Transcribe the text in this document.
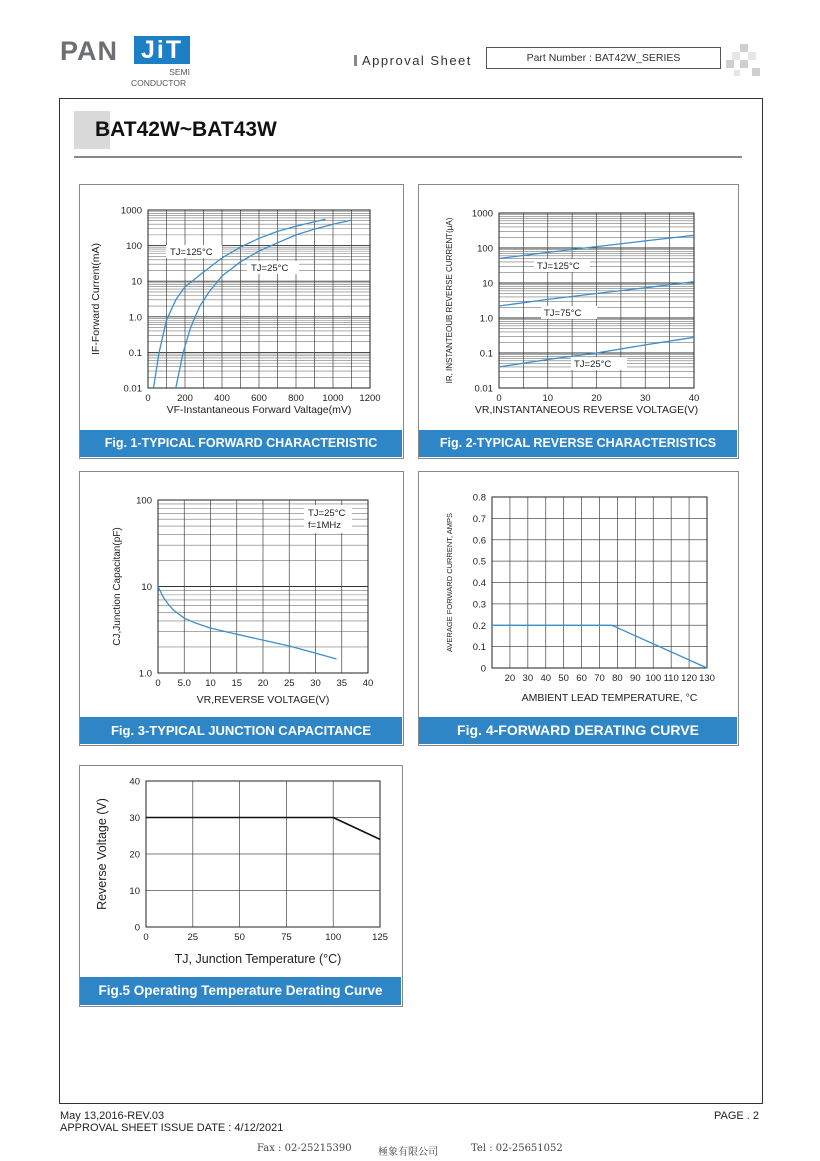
PAN JiT
SEMI
CONDUCTOR
Approval Sheet	Part Number : BAT42W_SERIES
BAT42W~BAT43W
Fig. 1-TYPICAL FORWARD CHARACTERISTIC	Fig. 2-TYPICAL REVERSE CHARACTERISTICS
Fig. 3-TYPICAL JUNCTION CAPACITANCE	Fig. 4-FORWARD DERATING CURVE
Fig.5 Operating Temperature Derating Curve
0.01
0.1
1.0
10
100
1000
0	200 400 600 800 1000 1200
VF-Instantaneous Forward Valtage(mV)
IF-Forward Current(mA)	TJ=125°C
TJ=25°C
0.01
0.1
1.0
10
100
1000
0	10	20	30	40
VR,INSTANTANEOUS REVERSE VOLTAGE(V)
IR, INSTANTEOUB REVERSE CURRENT(µA)	TJ=125°C
TJ=75°C
TJ=25°C
1.0
10
100
0 5.0 10 15 20 25 30 35 40
VR,REVERSE VOLTAGE(V)
CJ,Junction Capacitan(pF)
TJ=25°C
f=1MHz
0
0.1
0.2
0.3
0.4
0.5
0.6
0.7
0.8
20 30 40 50 60 70 80 90 100 110 120 130
AMBIENT LEAD TEMPERATURE, °C
AVERAGE FORWARD CURRENT, AMPS
0
10
20
30
40
0	25	50	75	100	125
TJ, Junction Temperature (°C)
Reverse Voltage (V)
May 13,2016-REV.03
APPROVAL SHEET ISSUE DATE : 4/12/2021
PAGE . 2
Fax : 02-25215390	極象有限公司	Tel : 02-25651052
